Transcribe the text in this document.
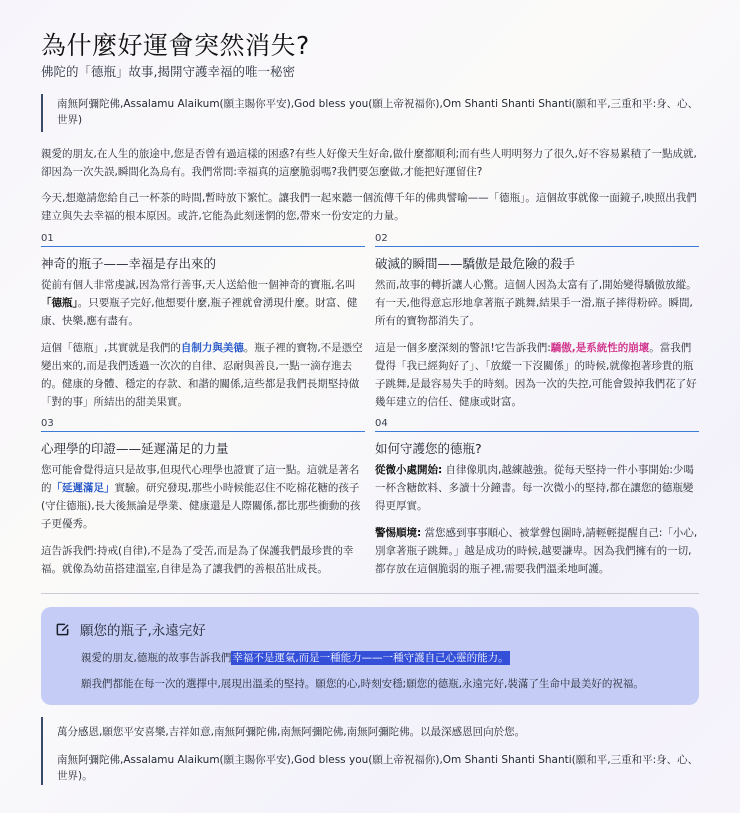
為什麼好運會突然消失?
佛陀的「德瓶」故事,揭開守護幸福的唯一秘密
南無阿彌陀佛,Assalamu Alaikum(願主賜你平安),God bless you(願上帝祝福你),Om Shanti Shanti Shanti(願和平,三重和平:身、心、世界)

親愛的朋友,在人生的旅途中,您是否曾有過這樣的困惑?有些人好像天生好命,做什麼都順利;而有些人明明努力了很久,好不容易累積了一點成就,卻因為一次失誤,瞬間化為烏有。我們常問:幸福真的這麼脆弱嗎?我們要怎麼做,才能把好運留住?

今天,想邀請您給自己一杯茶的時間,暫時放下繁忙。讓我們一起來聽一個流傳千年的佛典譬喻——「德瓶」。這個故事就像一面鏡子,映照出我們建立與失去幸福的根本原因。或許,它能為此刻迷惘的您,帶來一份安定的力量。

01
神奇的瓶子——幸福是存出來的

從前有個人非常虔誠,因為常行善事,天人送給他一個神奇的寶瓶,名叫「德瓶」。只要瓶子完好,他想要什麼,瓶子裡就會湧現什麼。財富、健康、快樂,應有盡有。

這個「德瓶」,其實就是我們的自制力與美德。瓶子裡的寶物,不是憑空變出來的,而是我們透過一次次的自律、忍耐與善良,一點一滴存進去的。健康的身體、穩定的存款、和諧的關係,這些都是我們長期堅持做「對的事」所結出的甜美果實。

02
破滅的瞬間——驕傲是最危險的殺手

然而,故事的轉折讓人心驚。這個人因為太富有了,開始變得驕傲放縱。有一天,他得意忘形地拿著瓶子跳舞,結果手一滑,瓶子摔得粉碎。瞬間,所有的寶物都消失了。

這是一個多麼深刻的警訊!它告訴我們:驕傲,是系統性的崩壞。當我們覺得「我已經夠好了」、「放縱一下沒關係」的時候,就像抱著珍貴的瓶子跳舞,是最容易失手的時刻。因為一次的失控,可能會毀掉我們花了好幾年建立的信任、健康或財富。

03
心理學的印證——延遲滿足的力量

您可能會覺得這只是故事,但現代心理學也證實了這一點。這就是著名的「延遲滿足」實驗。研究發現,那些小時候能忍住不吃棉花糖的孩子(守住德瓶),長大後無論是學業、健康還是人際關係,都比那些衝動的孩子更優秀。

這告訴我們:持戒(自律),不是為了受苦,而是為了保護我們最珍貴的幸福。就像為幼苗搭建溫室,自律是為了讓我們的善根茁壯成長。

04
如何守護您的德瓶?

從微小處開始: 自律像肌肉,越練越強。從每天堅持一件小事開始:少喝一杯含糖飲料、多讀十分鐘書。每一次微小的堅持,都在讓您的德瓶變得更厚實。

警惕順境: 當您感到事事順心、被掌聲包圍時,請輕輕提醒自己:「小心,別拿著瓶子跳舞。」越是成功的時候,越要謙卑。因為我們擁有的一切,都存放在這個脆弱的瓶子裡,需要我們溫柔地呵護。

願您的瓶子,永遠完好

親愛的朋友,德瓶的故事告訴我們幸福不是運氣,而是一種能力——一種守護自己心靈的能力。

願我們都能在每一次的選擇中,展現出溫柔的堅持。願您的心,時刻安穩;願您的德瓶,永遠完好,裝滿了生命中最美好的祝福。

萬分感恩,願您平安喜樂,吉祥如意,南無阿彌陀佛,南無阿彌陀佛,南無阿彌陀佛。以最深感恩回向於您。

南無阿彌陀佛,Assalamu Alaikum(願主賜你平安),God bless you(願上帝祝福你),Om Shanti Shanti Shanti(願和平,三重和平:身、心、世界)。
